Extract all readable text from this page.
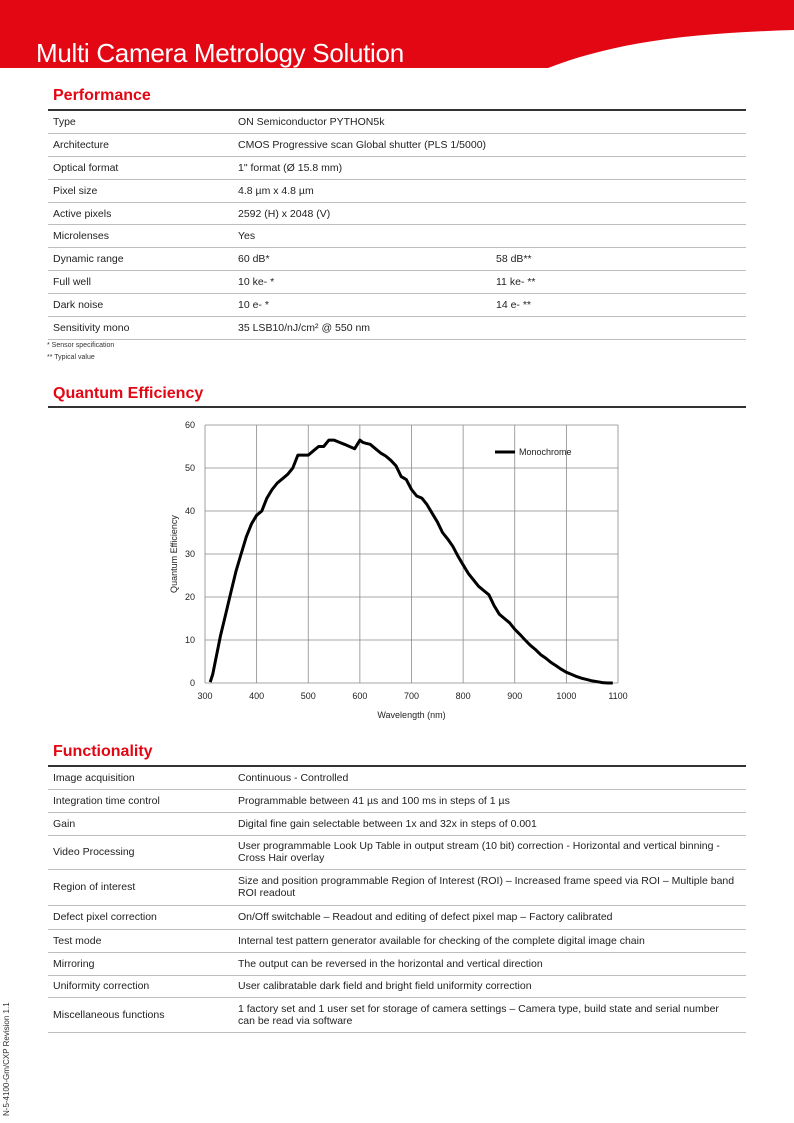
Multi Camera Metrology Solution
Performance
Type	ON Semiconductor PYTHON5k	
Architecture	CMOS Progressive scan Global shutter (PLS 1/5000)	
Optical format	1" format (Ø 15.8 mm)	
Pixel size	4.8 µm x 4.8 µm	
Active pixels	2592 (H) x 2048 (V)	
Microlenses	Yes	
Dynamic range	60 dB*	58 dB**
Full well	10 ke- *	11 ke- **
Dark noise	10 e- *	14 e- **
Sensitivity mono	35 LSB10/nJ/cm² @ 550 nm	
* Sensor specification
** Typical value
Quantum Efficiency
300	400	500	600	700	800	900	1000	1100
0
10
20
30
40
50
60
Wavelength (nm)
Quantum Efficiency
Monochrome
Functionality
Image acquisition	Continuous - Controlled
Integration time control	Programmable between 41 µs and 100 ms in steps of 1 µs
Gain	Digital fine gain selectable between 1x and 32x in steps of 0.001
Video Processing	User programmable Look Up Table in output stream (10 bit) correction - Horizontal and vertical binning - Cross Hair overlay
Region of interest	Size and position programmable Region of Interest (ROI) – Increased frame speed via ROI – Multiple band ROI readout
Defect pixel correction	On/Off switchable – Readout and editing of defect pixel map – Factory calibrated
Test mode	Internal test pattern generator available for checking of the complete digital image chain
Mirroring	The output can be reversed in the horizontal and vertical direction
Uniformity correction	User calibratable dark field and bright field uniformity correction
Miscellaneous functions	1 factory set and 1 user set for storage of camera settings – Camera type, build state and serial number can be read via software
N-5-4100-Gm/CXP Revision 1.1
